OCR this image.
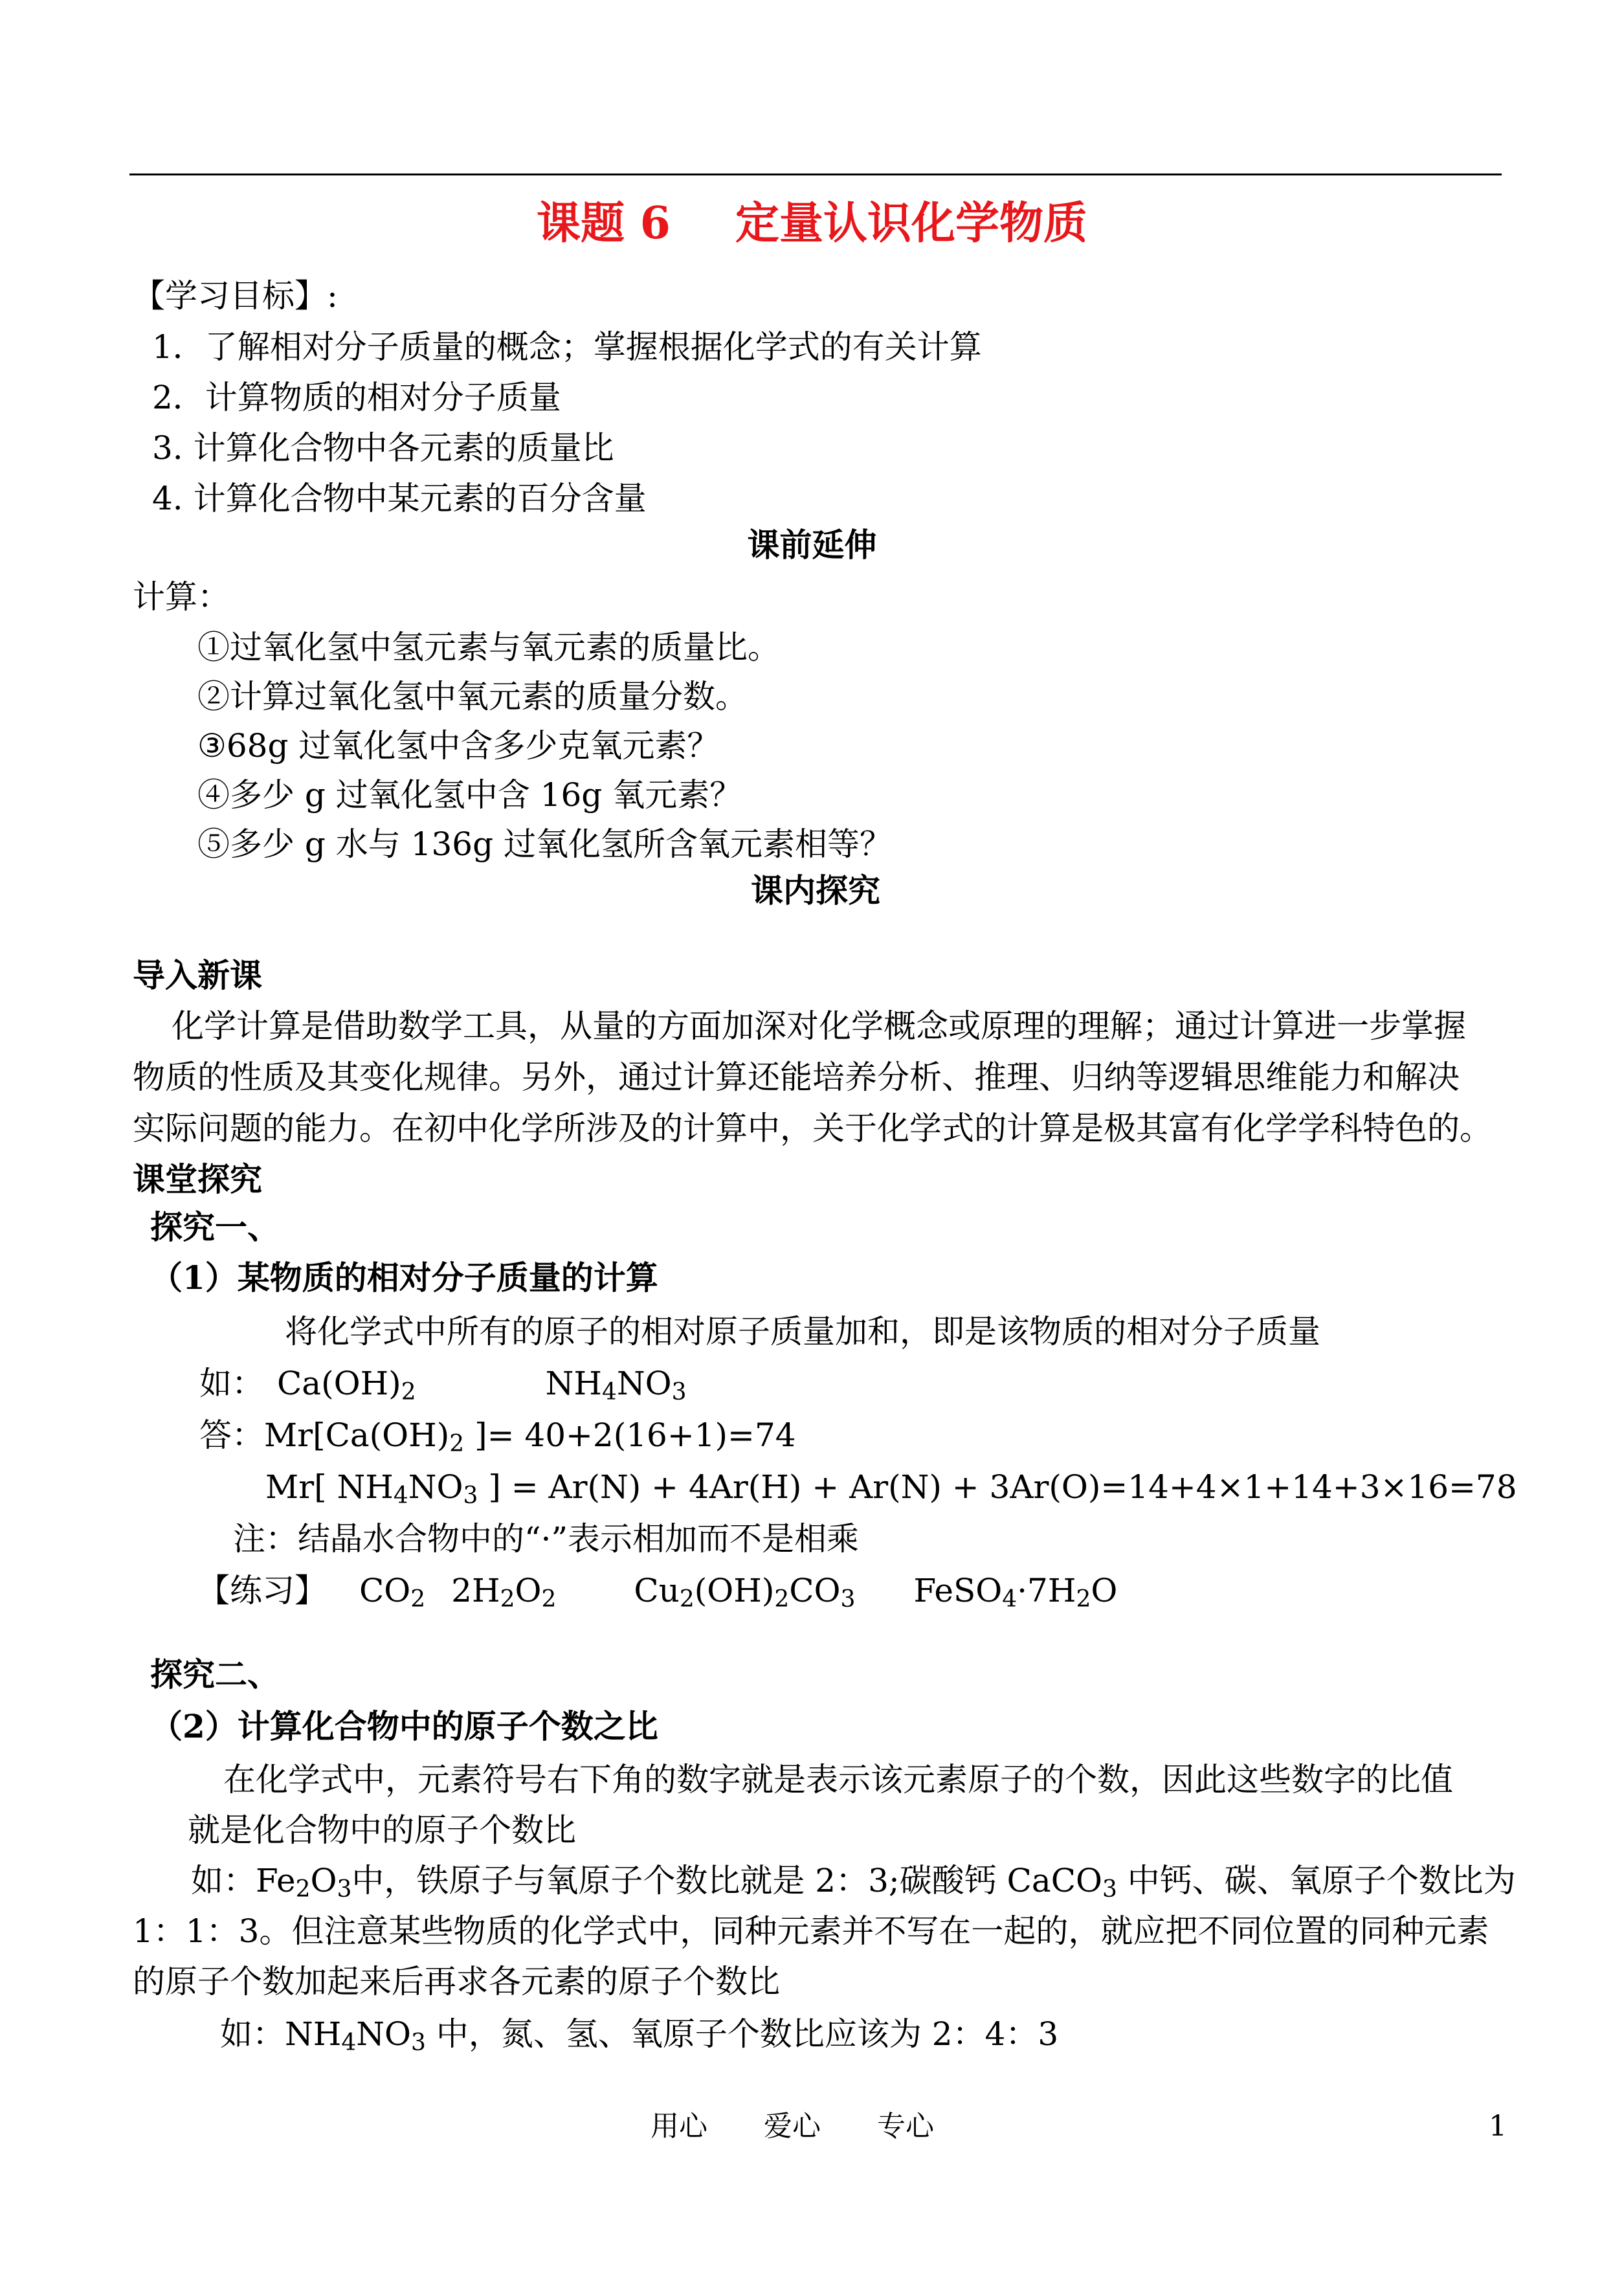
课题 6 定量认识化学物质
【学习目标】:
1．了解相对分子质量的概念；掌握根据化学式的有关计算
2．计算物质的相对分子质量
3. 计算化合物中各元素的质量比
4. 计算化合物中某元素的百分含量
课前延伸
计算：
①过氧化氢中氢元素与氧元素的质量比。
②计算过氧化氢中氧元素的质量分数。
③68g 过氧化氢中含多少克氧元素？
④多少 g 过氧化氢中含 16g 氧元素？
⑤多少 g 水与 136g 过氧化氢所含氧元素相等？
课内探究
导入新课
化学计算是借助数学工具，从量的方面加深对化学概念或原理的理解；通过计算进一步掌握
物质的性质及其变化规律。另外，通过计算还能培养分析、推理、归纳等逻辑思维能力和解决
实际问题的能力。在初中化学所涉及的计算中，关于化学式的计算是极其富有化学学科特色的。
课堂探究
探究一、
（1）某物质的相对分子质量的计算
将化学式中所有的原子的相对原子质量加和，即是该物质的相对分子质量
如： $Ca(OH)_2$	$NH_4NO_3$
答：$Mr[Ca(OH)_2$ ]= 40+2(16+1)=74
Mr[ $NH_4NO_3$ ] = Ar(N) + 4Ar(H) + Ar(N) + 3Ar(O)=14+4×1+14+3×16=78
注：结晶水合物中的“·”表示相加而不是相乘
【练习】 $CO_2$ $2H_2O_2$ $Cu_2(OH)_2CO_3$ $FeSO_4\cdot 7H_2O$
探究二、
（2）计算化合物中的原子个数之比
在化学式中，元素符号右下角的数字就是表示该元素原子的个数，因此这些数字的比值
就是化合物中的原子个数比
如：$Fe_2O_3$中，铁原子与氧原子个数比就是 2：3;碳酸钙 CaCO$_3$ 中钙、碳、氧原子个数比为
1：1：3。但注意某些物质的化学式中，同种元素并不写在一起的，就应把不同位置的同种元素
的原子个数加起来后再求各元素的原子个数比
如：$NH_4NO_3$ 中，氮、氢、氧原子个数比应该为 2：4：3
用心 爱心 专心	1
